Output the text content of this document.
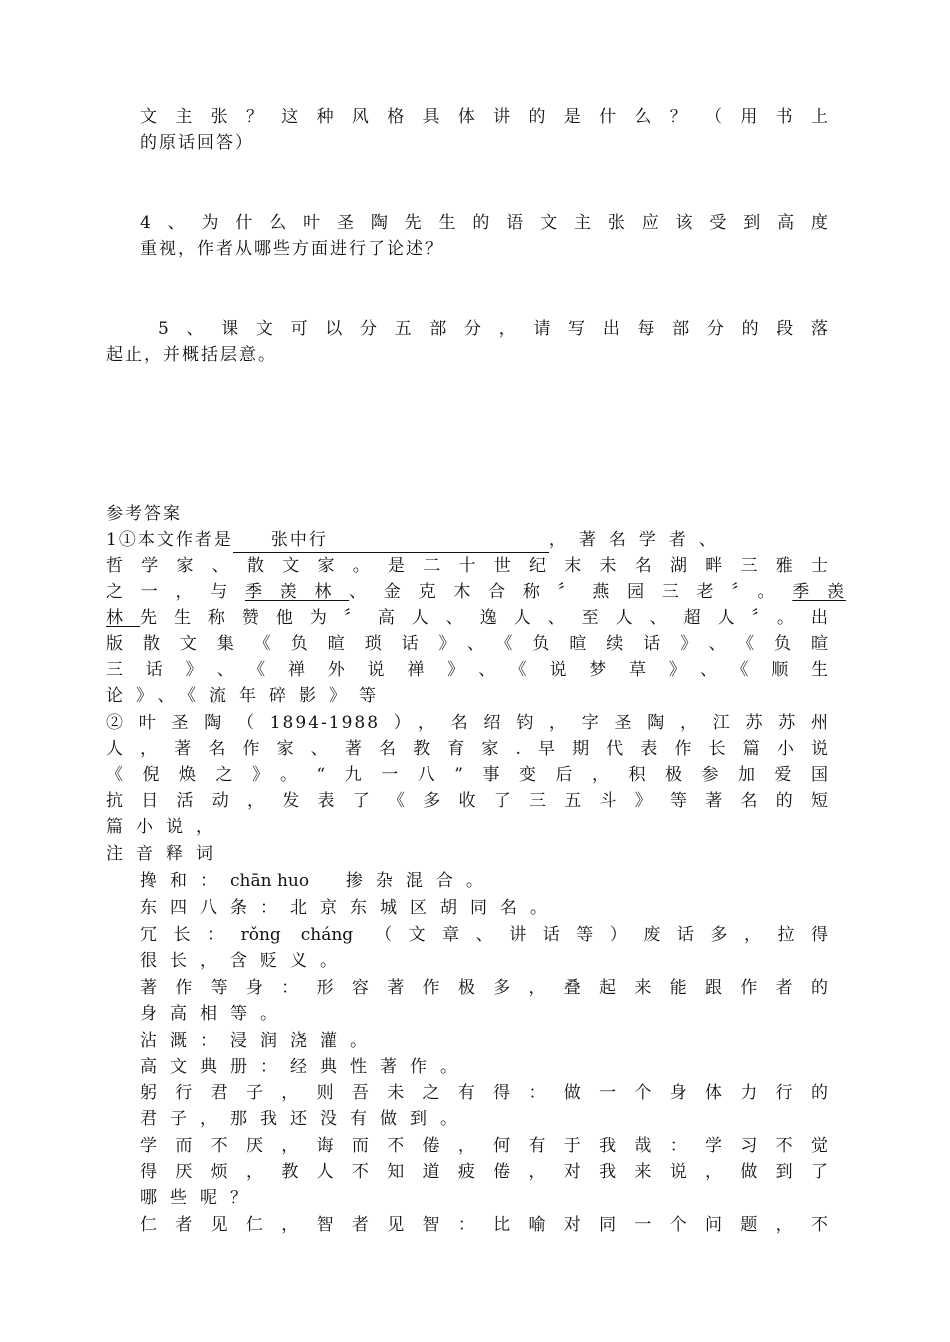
文主张？这种风格具体讲的是什么？（用书上

的原话回答）

4、为什么叶圣陶先生的语文主张应该受到高度

重视，作者从哪些方面进行了论述？

5、课文可以分五部分，请写出每部分的段落

起止，并概括层意。

参考答案

1①本文作者是 张中行	，著名学者、

哲学家、散文家。是二十世纪末未名湖畔三雅士

之一，与季羡林、金克木合称〞燕园三老〞。季羡

林先生称赞他为〞高人、逸人、至人、超人〞。出

版散文集《负暄琐话》、《负暄续话》、《负暄

三话》、《禅外说禅》、《说梦草》、《顺生

论》、《流年碎影》等

②叶圣陶（1894-1988），名绍钧，字圣陶，江苏苏州

人，著名作家、著名教育家.早期代表作长篇小说

《倪焕之》。“九一八”事变后，积极参加爱国

抗日活动，发表了《多收了三五斗》等著名的短

篇小说，

注音释词

搀和：chān huo 掺杂混合。

东四八条：北京东城区胡同名。

冗长：rǒng cháng （文章、讲话等）废话多，拉得

很长，含贬义。

著作等身：形容著作极多，叠起来能跟作者的

身高相等。

沾溉：浸润浇灌。

高文典册：经典性著作。

躬行君子，则吾未之有得：做一个身体力行的

君子，那我还没有做到。

学而不厌，诲而不倦，何有于我哉：学习不觉

得厌烦，教人不知道疲倦，对我来说，做到了

哪些呢？

仁者见仁，智者见智：比喻对同一个问题，不
